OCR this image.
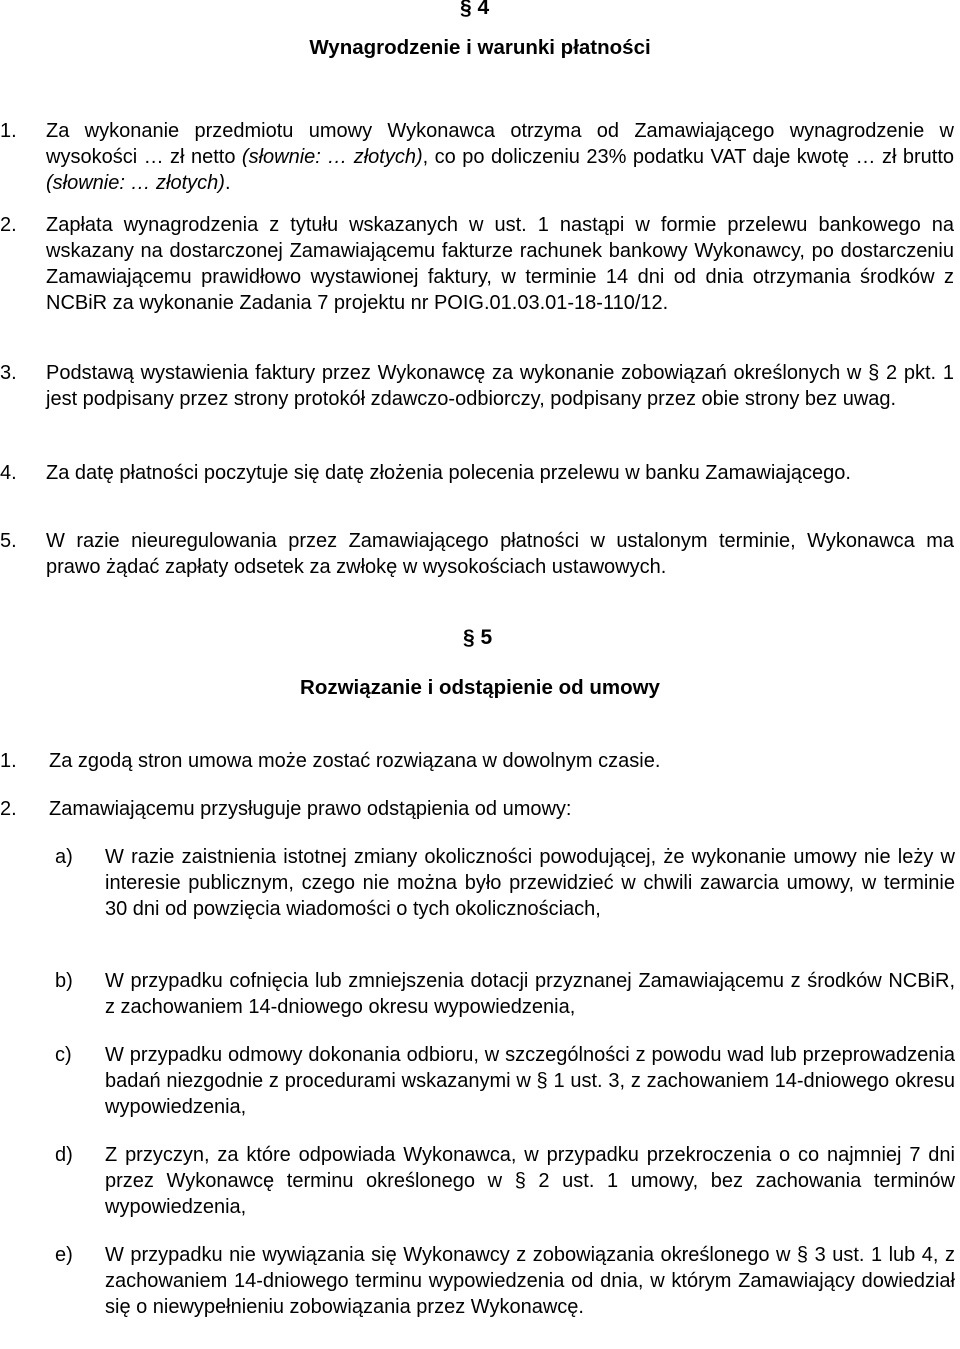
§ 4
Wynagrodzenie i warunki płatności
1. Za wykonanie przedmiotu umowy Wykonawca otrzyma od Zamawiającego wynagrodzenie w wysokości … zł netto (słownie: … złotych), co po doliczeniu 23% podatku VAT daje kwotę … zł brutto (słownie: … złotych).
2. Zapłata wynagrodzenia z tytułu wskazanych w ust. 1 nastąpi w formie przelewu bankowego na wskazany na dostarczonej Zamawiającemu fakturze rachunek bankowy Wykonawcy, po dostarczeniu Zamawiającemu prawidłowo wystawionej faktury, w terminie 14 dni od dnia otrzymania środków z NCBiR za wykonanie Zadania 7 projektu nr POIG.01.03.01-18-110/12.
3. Podstawą wystawienia faktury przez Wykonawcę za wykonanie zobowiązań określonych w § 2 pkt. 1 jest podpisany przez strony protokół zdawczo-odbiorczy, podpisany przez obie strony bez uwag.
4. Za datę płatności poczytuje się datę złożenia polecenia przelewu w banku Zamawiającego.
5. W razie nieuregulowania przez Zamawiającego płatności w ustalonym terminie, Wykonawca ma prawo żądać zapłaty odsetek za zwłokę w wysokościach ustawowych.
§ 5
Rozwiązanie i odstąpienie od umowy
1. Za zgodą stron umowa może zostać rozwiązana w dowolnym czasie.
2. Zamawiającemu przysługuje prawo odstąpienia od umowy:
a) W razie zaistnienia istotnej zmiany okoliczności powodującej, że wykonanie umowy nie leży w interesie publicznym, czego nie można było przewidzieć w chwili zawarcia umowy, w terminie 30 dni od powzięcia wiadomości o tych okolicznościach,
b) W przypadku cofnięcia lub zmniejszenia dotacji przyznanej Zamawiającemu z środków NCBiR, z zachowaniem 14-dniowego okresu wypowiedzenia,
c) W przypadku odmowy dokonania odbioru, w szczególności z powodu wad lub przeprowadzenia badań niezgodnie z procedurami wskazanymi w § 1 ust. 3, z zachowaniem 14-dniowego okresu wypowiedzenia,
d) Z przyczyn, za które odpowiada Wykonawca, w przypadku przekroczenia o co najmniej 7 dni przez Wykonawcę terminu określonego w § 2 ust. 1 umowy, bez zachowania terminów wypowiedzenia,
e) W przypadku nie wywiązania się Wykonawcy z zobowiązania określonego w § 3 ust. 1 lub 4, z zachowaniem 14-dniowego terminu wypowiedzenia od dnia, w którym Zamawiający dowiedział się o niewypełnieniu zobowiązania przez Wykonawcę.
